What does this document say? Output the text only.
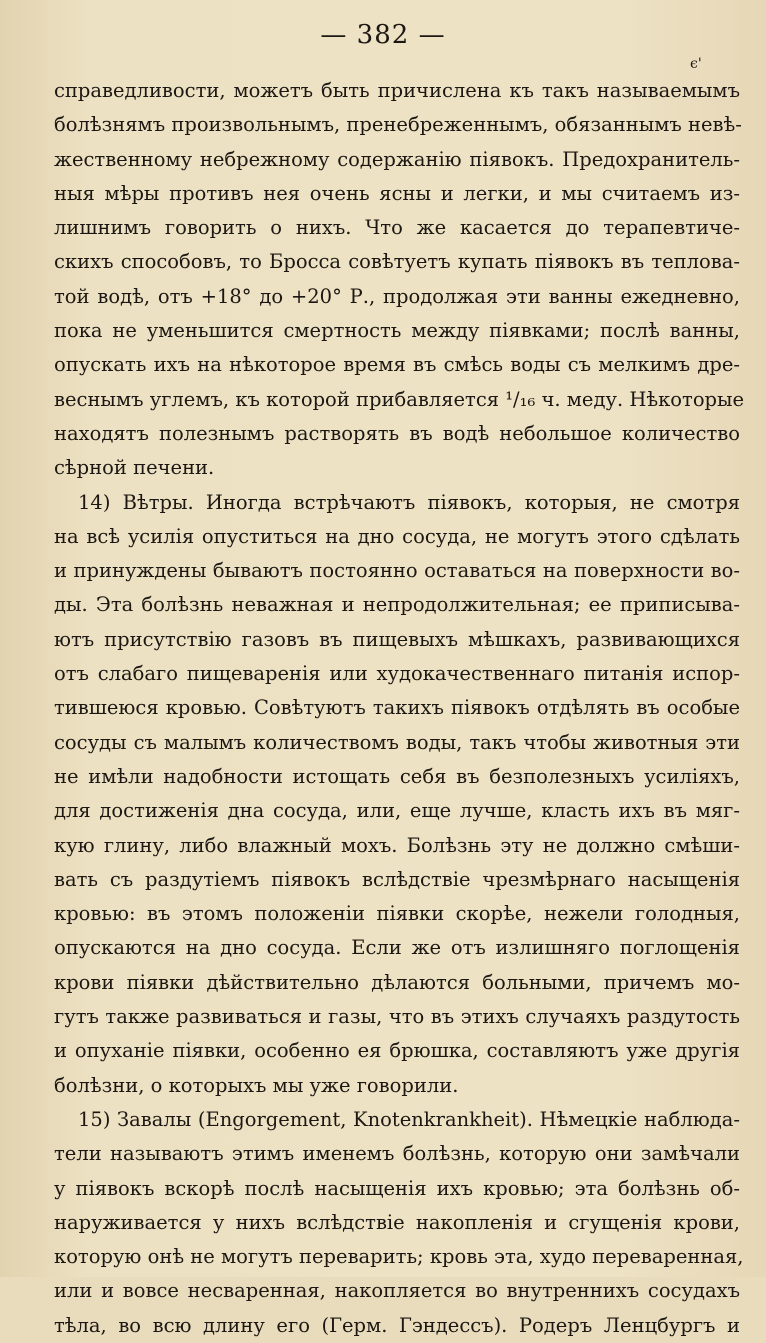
— 382 —
ϵ'
справедливости, можетъ быть причислена къ такъ называемымъ
болѣзнямъ произвольнымъ, пренебреженнымъ, обязаннымъ невѣ-
жественному небрежному содержанію піявокъ. Предохранитель-
ныя мѣры противъ нея очень ясны и легки, и мы считаемъ из-
лишнимъ говорить о нихъ. Что же касается до терапевтиче-
скихъ способовъ, то Бросса совѣтуетъ купать піявокъ въ теплова-
той водѣ, отъ +18° до +20° Р., продолжая эти ванны ежедневно,
пока не уменьшится смертность между піявками; послѣ ванны,
опускать ихъ на нѣкоторое время въ смѣсь воды съ мелкимъ дре-
веснымъ углемъ, къ которой прибавляется ¹/₁₆ ч. меду. Нѣкоторые
находятъ полезнымъ растворять въ водѣ небольшое количество
сѣрной печени.
14) Вѣтры. Иногда встрѣчаютъ піявокъ, которыя, не смотря
на всѣ усилія опуститься на дно сосуда, не могутъ этого сдѣлать
и принуждены бываютъ постоянно оставаться на поверхности во-
ды. Эта болѣзнь неважная и непродолжительная; ее приписыва-
ютъ присутствію газовъ въ пищевыхъ мѣшкахъ, развивающихся
отъ слабаго пищеваренія или худокачественнаго питанія испор-
тившеюся кровью. Совѣтуютъ такихъ піявокъ отдѣлять въ особые
сосуды съ малымъ количествомъ воды, такъ чтобы животныя эти
не имѣли надобности истощать себя въ безполезныхъ усиліяхъ,
для достиженія дна сосуда, или, еще лучше, класть ихъ въ мяг-
кую глину, либо влажный мохъ. Болѣзнь эту не должно смѣши-
вать съ раздутіемъ піявокъ вслѣдствіе чрезмѣрнаго насыщенія
кровью: въ этомъ положеніи піявки скорѣе, нежели голодныя,
опускаются на дно сосуда. Если же отъ излишняго поглощенія
крови піявки дѣйствительно дѣлаются больными, причемъ мо-
гутъ также развиваться и газы, что въ этихъ случаяхъ раздутость
и опуханіе піявки, особенно ея брюшка, составляютъ уже другія
болѣзни, о которыхъ мы уже говорили.
15) Завалы (Engorgement, Knotenkrankheit). Нѣмецкіе наблюда-
тели называютъ этимъ именемъ болѣзнь, которую они замѣчали
у піявокъ вскорѣ послѣ насыщенія ихъ кровью; эта болѣзнь об-
наруживается у нихъ вслѣдствіе накопленія и сгущенія крови,
которую онѣ не могутъ переварить; кровь эта, худо переваренная,
или и вовсе несваренная, накопляется во внутреннихъ сосудахъ
тѣла, во всю длину его (Герм. Гэндессъ). Родеръ Ленцбургъ и
